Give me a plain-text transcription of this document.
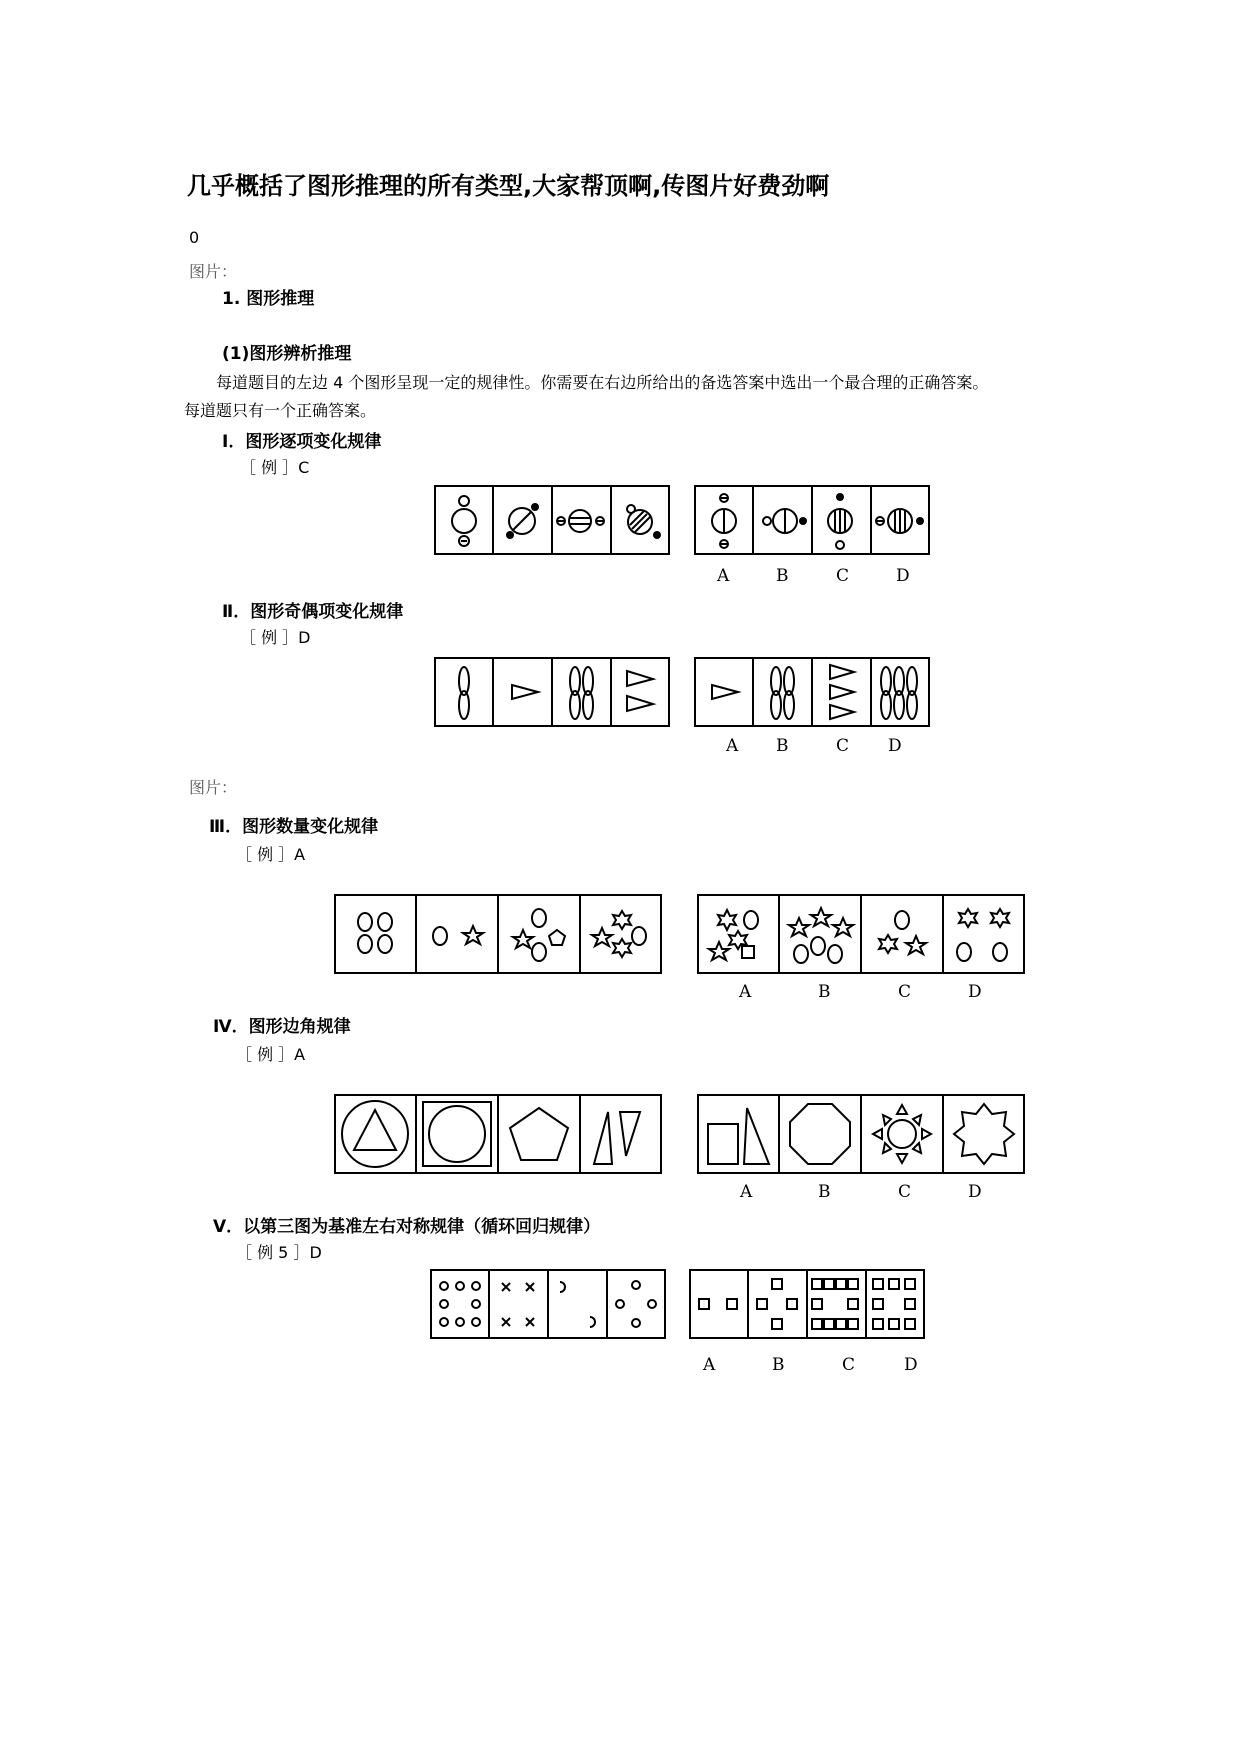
几乎概括了图形推理的所有类型,大家帮顶啊,传图片好费劲啊
0
图片：
1. 图形推理
(1)图形辨析推理
每道题目的左边 4 个图形呈现一定的规律性。你需要在右边所给出的备选答案中选出一个最合理的正确答案。
每道题只有一个正确答案。
Ⅰ．图形逐项变化规律
［ 例 ］C
A	B	C	D
Ⅱ．图形奇偶项变化规律
［ 例 ］D
A B	C D
图片：
Ⅲ．图形数量变化规律
［ 例 ］A
A	B	C	D
Ⅳ．图形边角规律
［ 例 ］A
A	B	C	D
Ⅴ．以第三图为基准左右对称规律（循环回归规律）
［ 例 5 ］D
A	B	C	D
